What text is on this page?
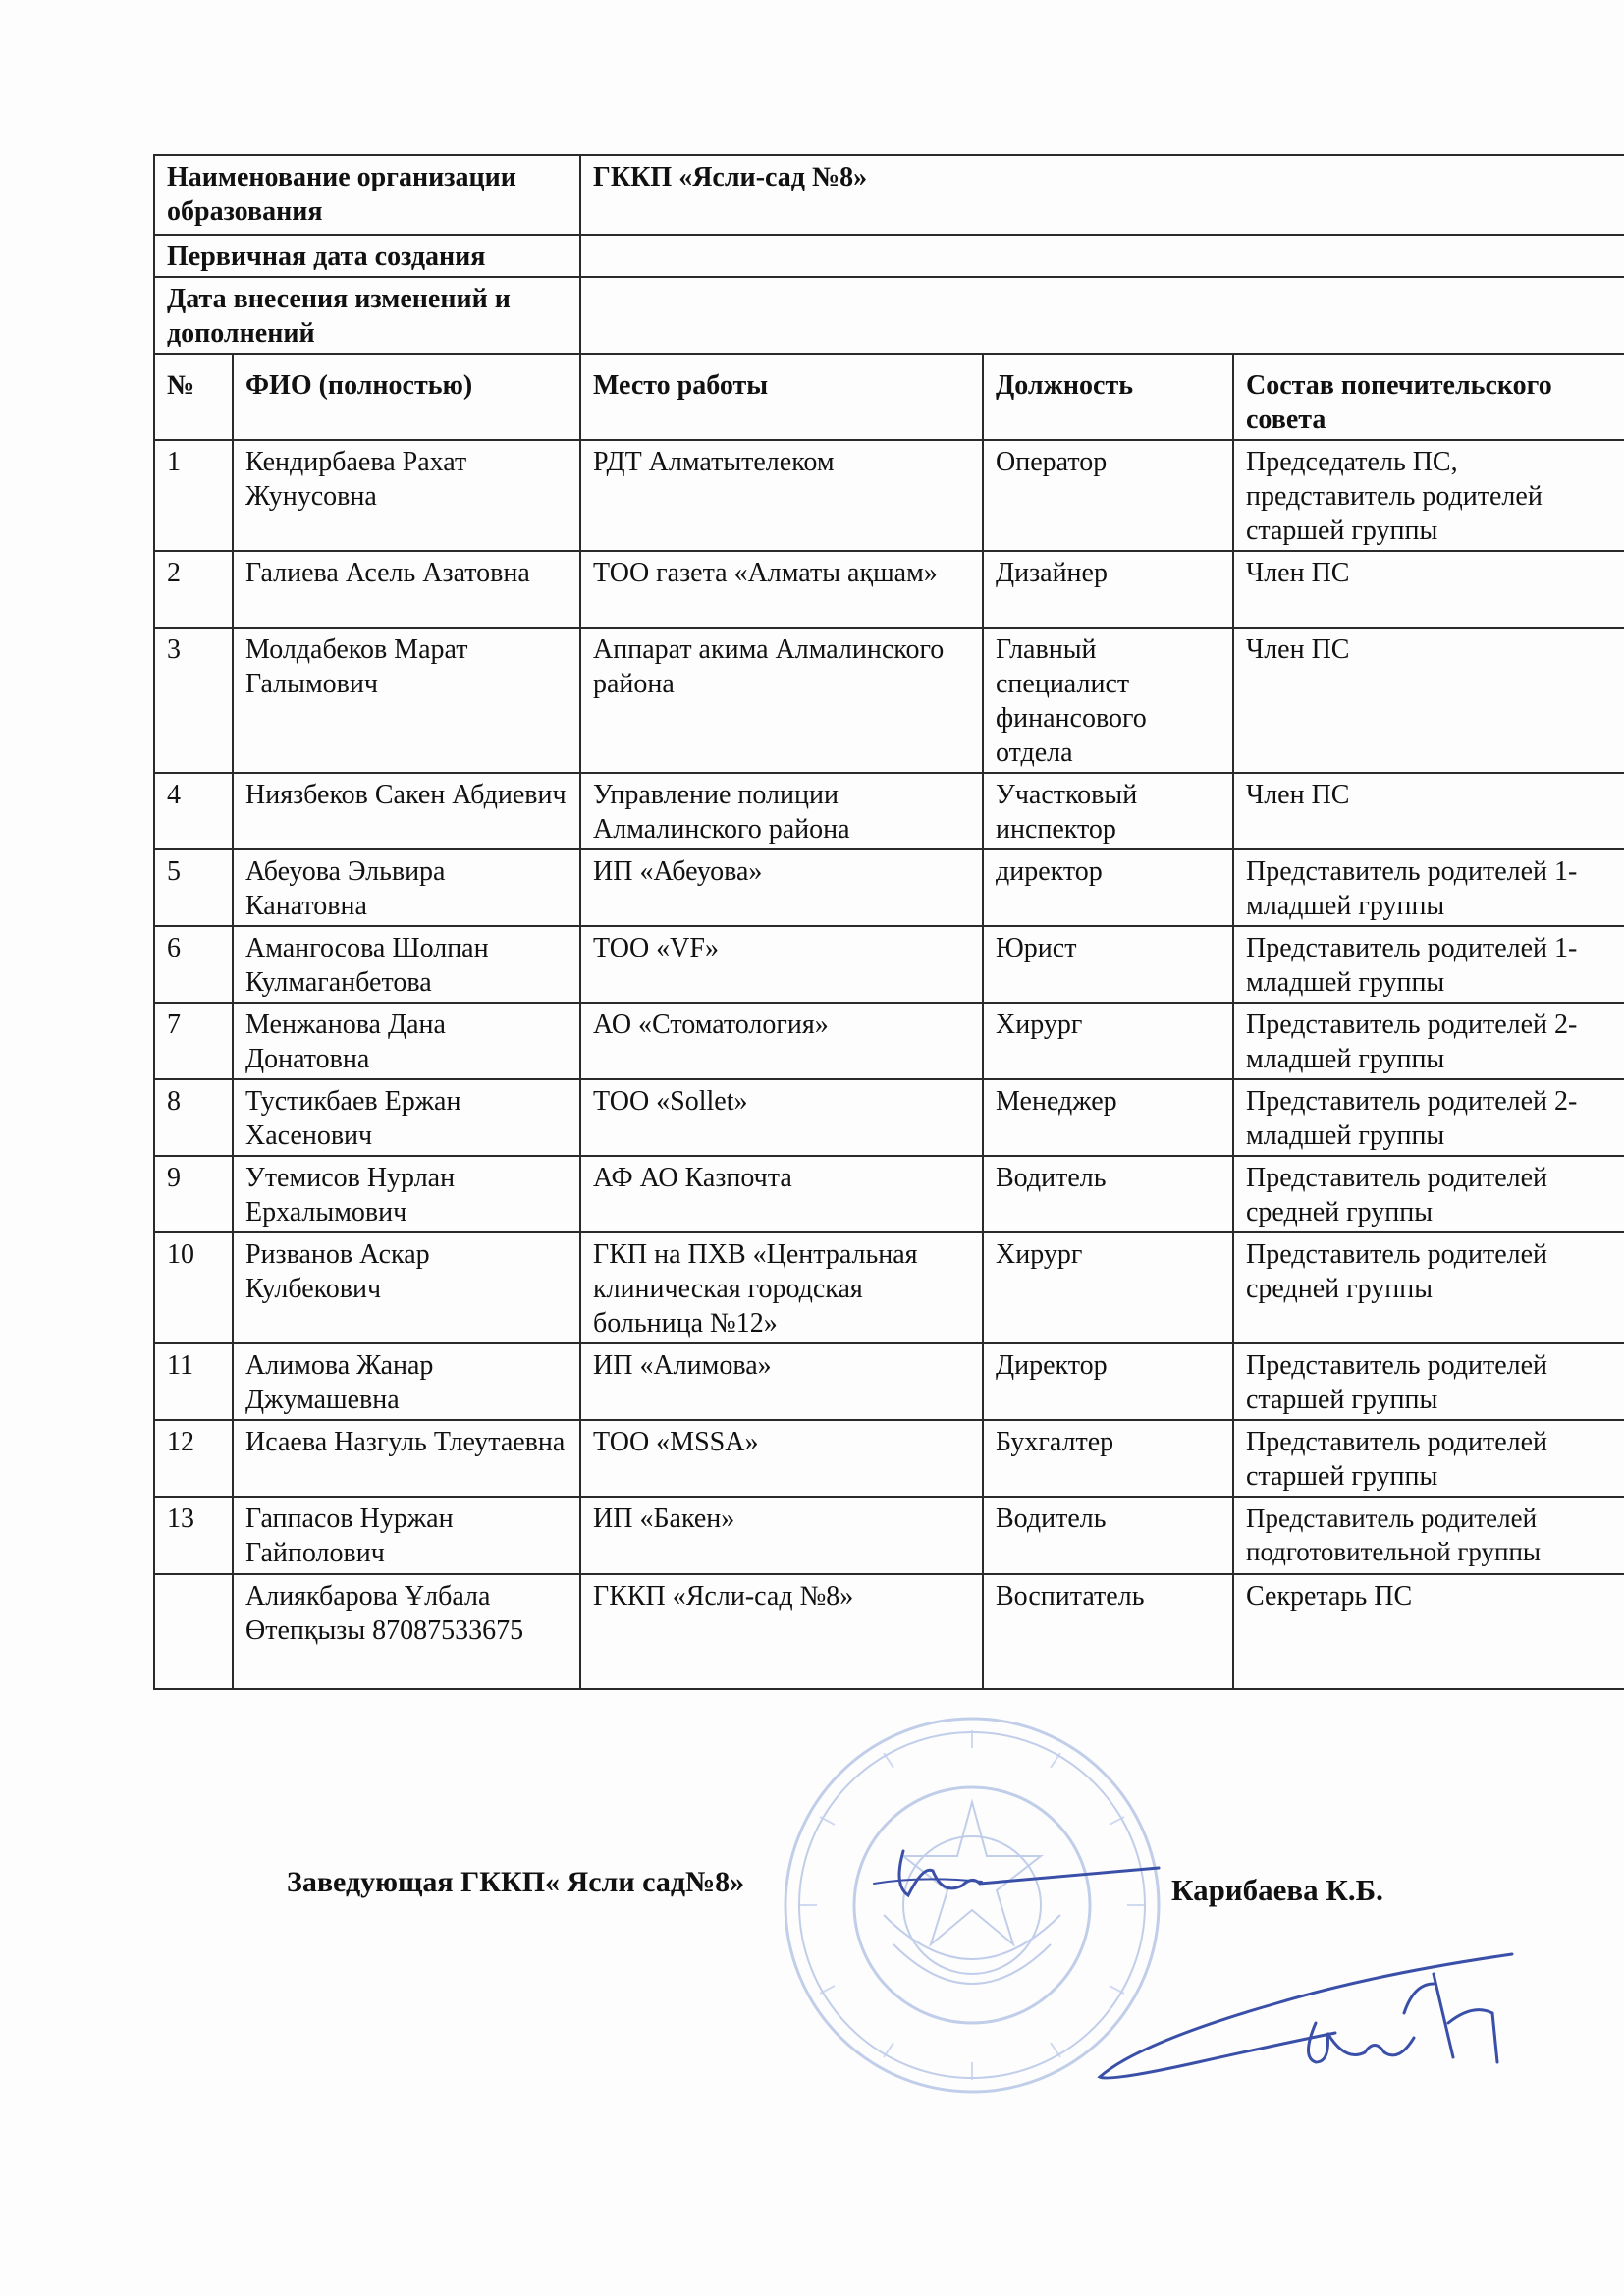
Наименование организации образования		ГККП «Ясли-сад №8»		
Первичная дата создания				
Дата внесения изменений и дополнений				
№	ФИО (полностью)	Место работы	Должность	Состав попечительского совета
1	Кендирбаева Рахат Жунусовна	РДТ Алматытелеком	Оператор	Председатель ПС, представитель родителей старшей группы
2	Галиева Асель Азатовна	ТОО газета «Алматы ақшам»	Дизайнер	Член ПС
3	Молдабеков Марат Галымович	Аппарат акима Алмалинского района	Главный специалист финансового отдела	Член ПС
4	Ниязбеков Сакен Абдиевич	Управление полиции Алмалинского района	Участковый инспектор	Член ПС
5	Абеуова Эльвира Канатовна	ИП «Абеуова»	директор	Представитель родителей 1- младшей группы
6	Амангосова Шолпан Кулмаганбетова	ТОО «VF»	Юрист	Представитель родителей 1- младшей группы
7	Менжанова Дана Донатовна	АО «Стоматология»	Хирург	Представитель родителей 2- младшей группы
8	Тустикбаев Ержан Хасенович	ТОО «Sollet»	Менеджер	Представитель родителей 2- младшей группы
9	Утемисов Нурлан Ерхалымович	АФ АО Казпочта	Водитель	Представитель родителей средней группы
10	Ризванов Аскар Кулбекович	ГКП на ПХВ «Центральная клиническая городская больница №12»	Хирург	Представитель родителей средней группы
11	Алимова Жанар Джумашевна	ИП «Алимова»	Директор	Представитель родителей старшей группы
12	Исаева Назгуль Тлеутаевна	ТОО «MSSA»	Бухгалтер	Представитель родителей старшей группы
13	Гаппасов Нуржан Гайполович	ИП «Бакен»	Водитель	Представитель родителей подготовительной группы
	Алиякбарова Ұлбала Өтепқызы 87087533675	ГККП «Ясли-сад №8»	Воспитатель	Секретарь ПС
Заведующая ГККП« Ясли сад№8»	Карибаева К.Б.
